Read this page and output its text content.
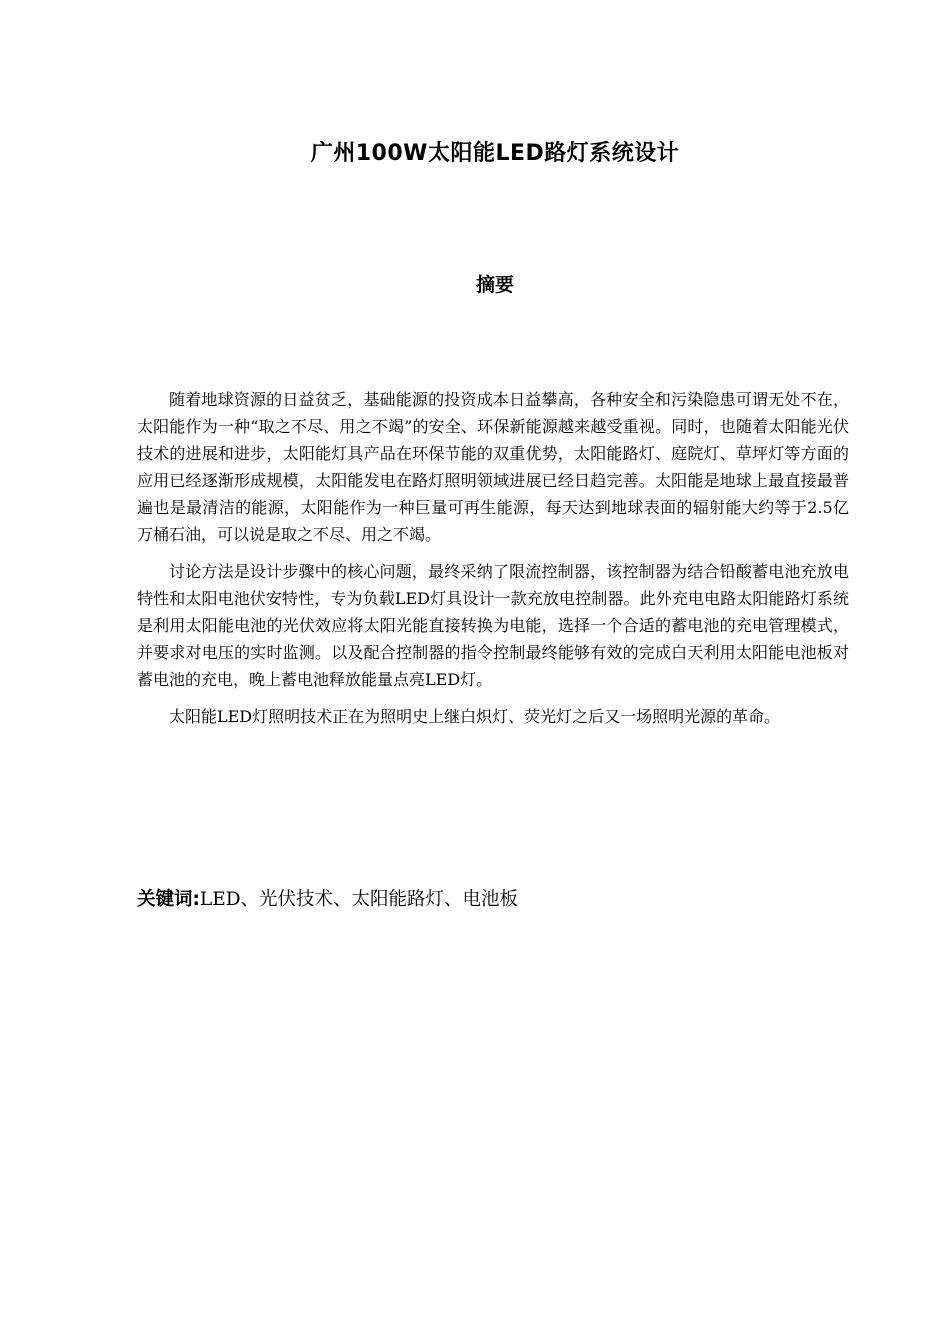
广州100W太阳能LED路灯系统设计
摘要

随着地球资源的日益贫乏，基础能源的投资成本日益攀高，各种安全和污染隐患可谓无处不在，太阳能作为一种“取之不尽、用之不竭”的安全、环保新能源越来越受重视。同时，也随着太阳能光伏技术的进展和进步，太阳能灯具产品在环保节能的双重优势，太阳能路灯、庭院灯、草坪灯等方面的应用已经逐渐形成规模，太阳能发电在路灯照明领域进展已经日趋完善。太阳能是地球上最直接最普遍也是最清洁的能源，太阳能作为一种巨量可再生能源，每天达到地球表面的辐射能大约等于2.5亿万桶石油，可以说是取之不尽、用之不竭。

讨论方法是设计步骤中的核心问题，最终采纳了限流控制器，该控制器为结合铅酸蓄电池充放电特性和太阳电池伏安特性，专为负载LED灯具设计一款充放电控制器。此外充电电路太阳能路灯系统是利用太阳能电池的光伏效应将太阳光能直接转换为电能，选择一个合适的蓄电池的充电管理模式，并要求对电压的实时监测。以及配合控制器的指令控制最终能够有效的完成白天利用太阳能电池板对蓄电池的充电，晚上蓄电池释放能量点亮LED灯。

太阳能LED灯照明技术正在为照明史上继白炽灯、荧光灯之后又一场照明光源的革命。

关键词:LED、光伏技术、太阳能路灯、电池板
